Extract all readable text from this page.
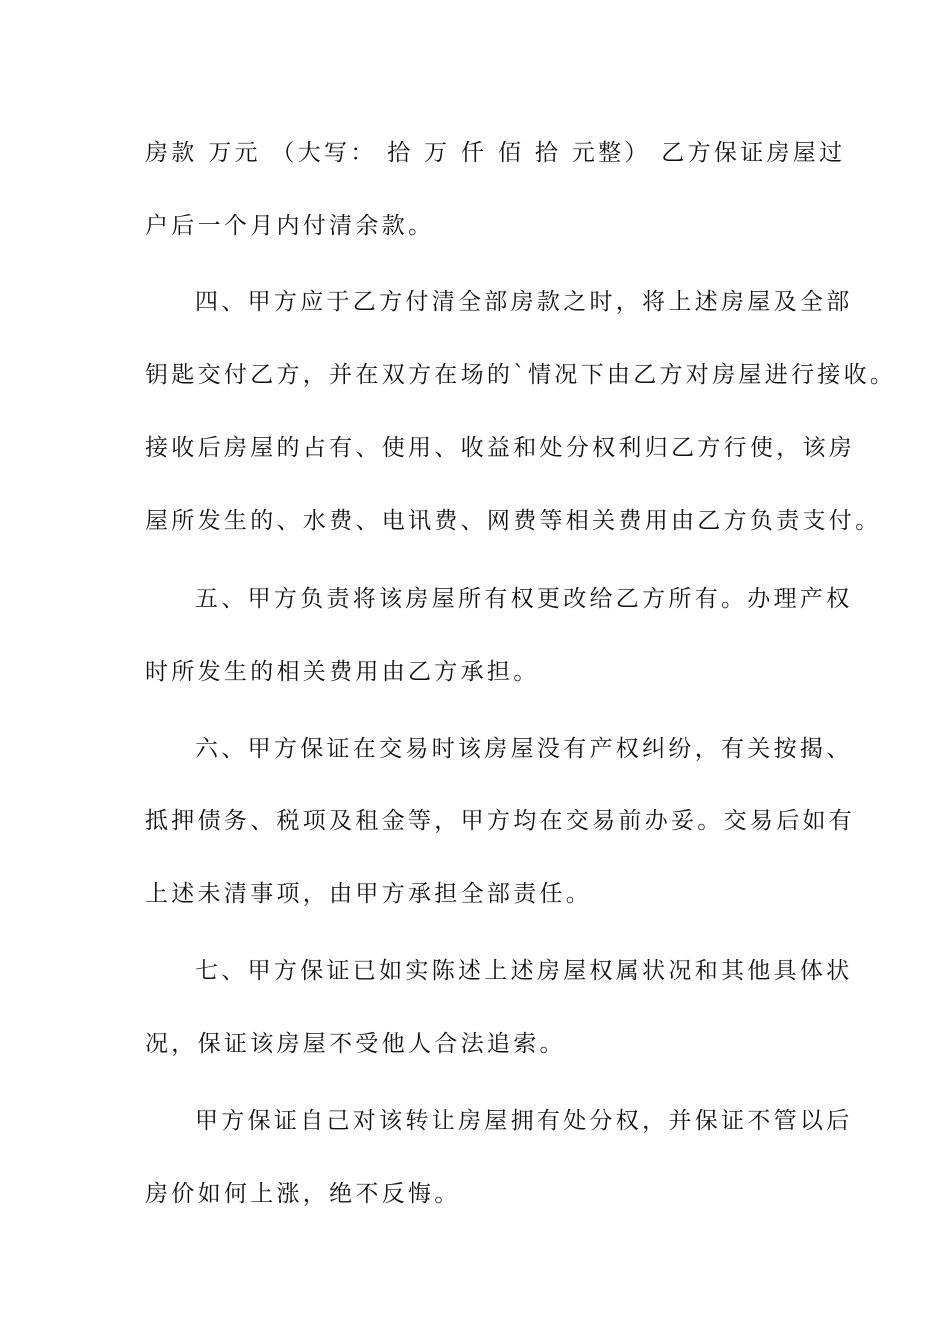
房款 万元 （大写： 拾 万 仟 佰 拾 元整） 乙方保证房屋过
户后一个月内付清余款。
四、甲方应于乙方付清全部房款之时，将上述房屋及全部
钥匙交付乙方，并在双方在场的`情况下由乙方对房屋进行接收。
接收后房屋的占有、使用、收益和处分权利归乙方行使，该房
屋所发生的、水费、电讯费、网费等相关费用由乙方负责支付。
五、甲方负责将该房屋所有权更改给乙方所有。办理产权
时所发生的相关费用由乙方承担。
六、甲方保证在交易时该房屋没有产权纠纷，有关按揭、
抵押债务、税项及租金等，甲方均在交易前办妥。交易后如有
上述未清事项，由甲方承担全部责任。
七、甲方保证已如实陈述上述房屋权属状况和其他具体状
况，保证该房屋不受他人合法追索。
甲方保证自己对该转让房屋拥有处分权，并保证不管以后
房价如何上涨，绝不反悔。
